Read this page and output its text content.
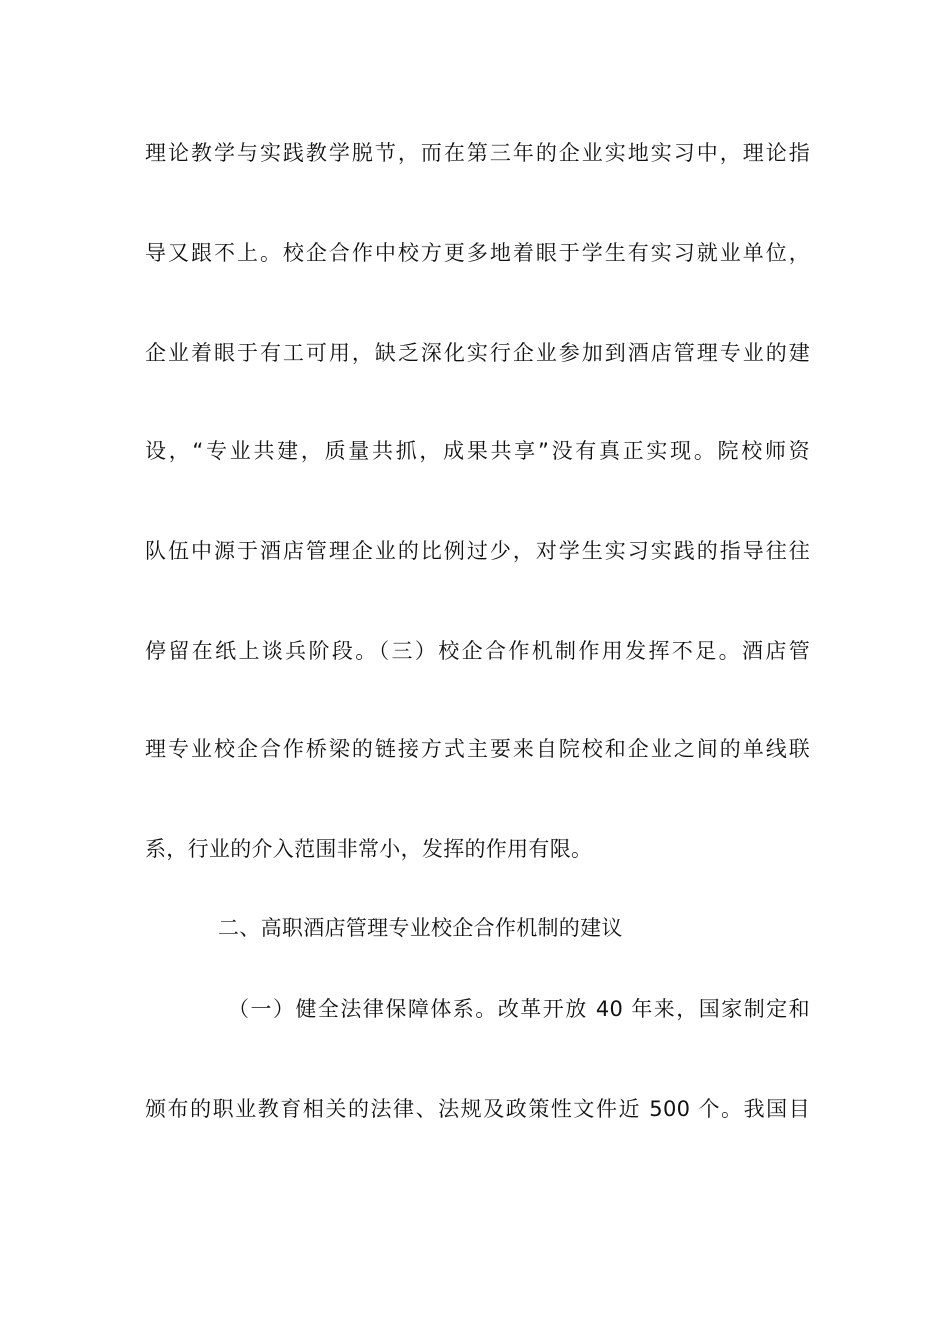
理论教学与实践教学脱节，而在第三年的企业实地实习中，理论指
导又跟不上。校企合作中校方更多地着眼于学生有实习就业单位，
企业着眼于有工可用，缺乏深化实行企业参加到酒店管理专业的建
设，“专业共建，质量共抓，成果共享”没有真正实现。院校师资
队伍中源于酒店管理企业的比例过少，对学生实习实践的指导往往
停留在纸上谈兵阶段。（三）校企合作机制作用发挥不足。酒店管
理专业校企合作桥梁的链接方式主要来自院校和企业之间的单线联
系，行业的介入范围非常小，发挥的作用有限。
二、高职酒店管理专业校企合作机制的建议
（一）健全法律保障体系。改革开放 40 年来，国家制定和
颁布的职业教育相关的法律、法规及政策性文件近 500 个。我国目
